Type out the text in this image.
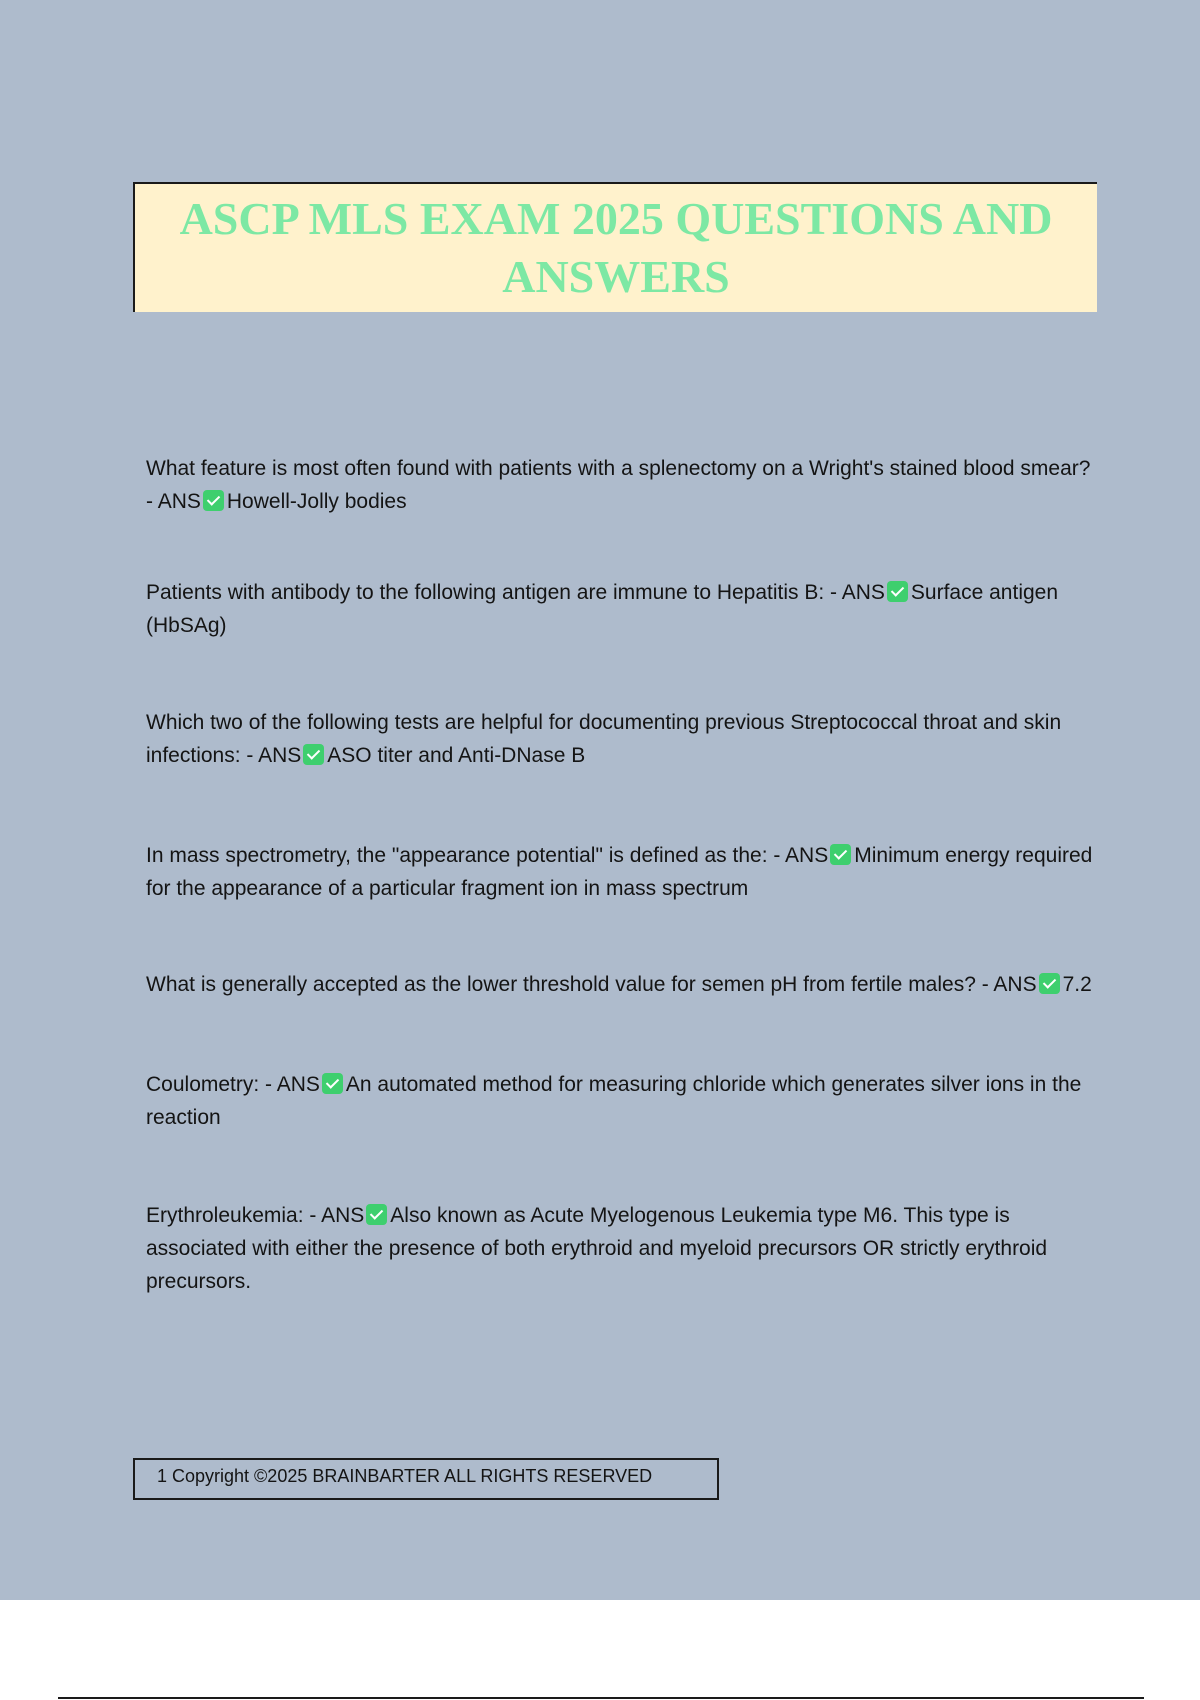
ASCP MLS EXAM 2025 QUESTIONS AND ANSWERS

What feature is most often found with patients with a splenectomy on a Wright's stained blood smear? - ANS Howell-Jolly bodies

Patients with antibody to the following antigen are immune to Hepatitis B: - ANS Surface antigen (HbSAg)

Which two of the following tests are helpful for documenting previous Streptococcal throat and skin infections: - ANS ASO titer and Anti-DNase B

In mass spectrometry, the "appearance potential" is defined as the: - ANS Minimum energy required for the appearance of a particular fragment ion in mass spectrum

What is generally accepted as the lower threshold value for semen pH from fertile males? - ANS 7.2

Coulometry: - ANS An automated method for measuring chloride which generates silver ions in the reaction

Erythroleukemia: - ANS Also known as Acute Myelogenous Leukemia type M6. This type is associated with either the presence of both erythroid and myeloid precursors OR strictly erythroid precursors.

1 Copyright ©2025 BRAINBARTER ALL RIGHTS RESERVED
